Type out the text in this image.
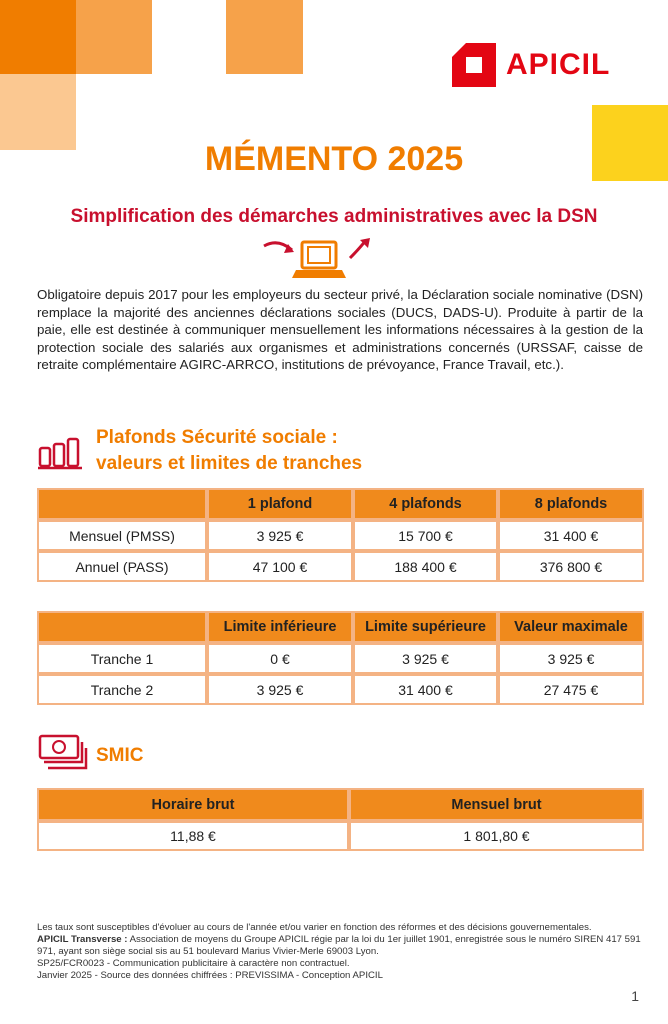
APICIL
MÉMENTO 2025
Simplification des démarches administratives avec la DSN

Obligatoire depuis 2017 pour les employeurs du secteur privé, la Déclaration sociale nominative (DSN) remplace la majorité des anciennes déclarations sociales (DUCS, DADS-U). Produite à partir de la paie, elle est destinée à communiquer mensuellement les informations nécessaires à la gestion de la protection sociale des salariés aux organismes et administrations concernés (URSSAF, caisse de retraite complémentaire AGIRC-ARRCO, institutions de prévoyance, France Travail, etc.).

Plafonds Sécurité sociale :
valeurs et limites de tranches
	1 plafond	4 plafonds	8 plafonds
Mensuel (PMSS)	3 925 €	15 700 €	31 400 €
Annuel (PASS)	47 100 €	188 400 €	376 800 €
	Limite inférieure	Limite supérieure	Valeur maximale
Tranche 1	0 €	3 925 €	3 925 €
Tranche 2	3 925 €	31 400 €	27 475 €
SMIC
Horaire brut	Mensuel brut
11,88 €	1 801,80 €

Les taux sont susceptibles d'évoluer au cours de l'année et/ou varier en fonction des réformes et des décisions gouvernementales.

APICIL Transverse : Association de moyens du Groupe APICIL régie par la loi du 1er juillet 1901, enregistrée sous le numéro SIREN 417 591 971, ayant son siège social sis au 51 boulevard Marius Vivier-Merle 69003 Lyon.

SP25/FCR0023 - Communication publicitaire à caractère non contractuel.

Janvier 2025 - Source des données chiffrées : PREVISSIMA - Conception APICIL

1
